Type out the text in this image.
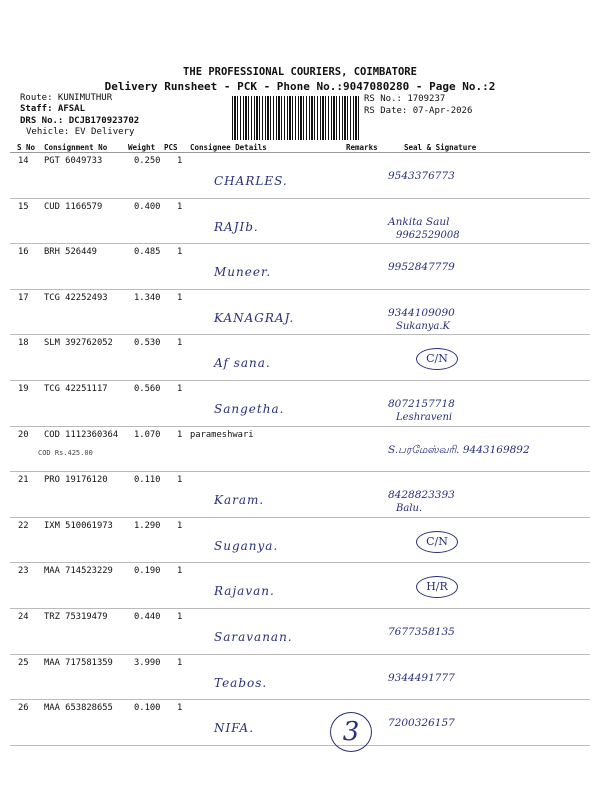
THE PROFESSIONAL COURIERS, COIMBATORE
Delivery Runsheet - PCK - Phone No.:9047080280 - Page No.:2
Route: KUNIMUTHUR
Staff: AFSAL
DRS No.: DCJB170923702
Vehicle: EV Delivery
RS No.: 1709237
RS Date: 07-Apr-2026
S No Consignment No	Weight PCS Consignee Details	Remarks	Seal & Signature
14 PGT 6049733	0.250 1
CHARLES.	9543376773
15 CUD 1166579	0.400 1
RAJIb.	Ankita Saul
9962529008
16 BRH 526449	0.485 1
Muneer.	9952847779
17 TCG 42252493	1.340 1
KANAGRAJ.	9344109090
Sukanya.K
18 SLM 392762052 0.530 1
Af sana.	C/N
19 TCG 42251117	0.560 1
Sangetha.	8072157718
Leshraveni
20 COD 1112360364 1.070 1 parameshwari
COD Rs.425.00	S.பரமேஸ்வரி. 9443169892
21 PRO 19176120	0.110 1
Karam.	8428823393
Balu.
22 IXM 510061973 1.290 1
Suganya.	C/N
23 MAA 714523229 0.190 1
Rajavan.	H/R
24 TRZ 75319479	0.440 1
Saravanan.	7677358135
25 MAA 717581359 3.990 1
Teabos.	9344491777
26 MAA 653828655 0.100 1
NIFA.	7200326157
3
